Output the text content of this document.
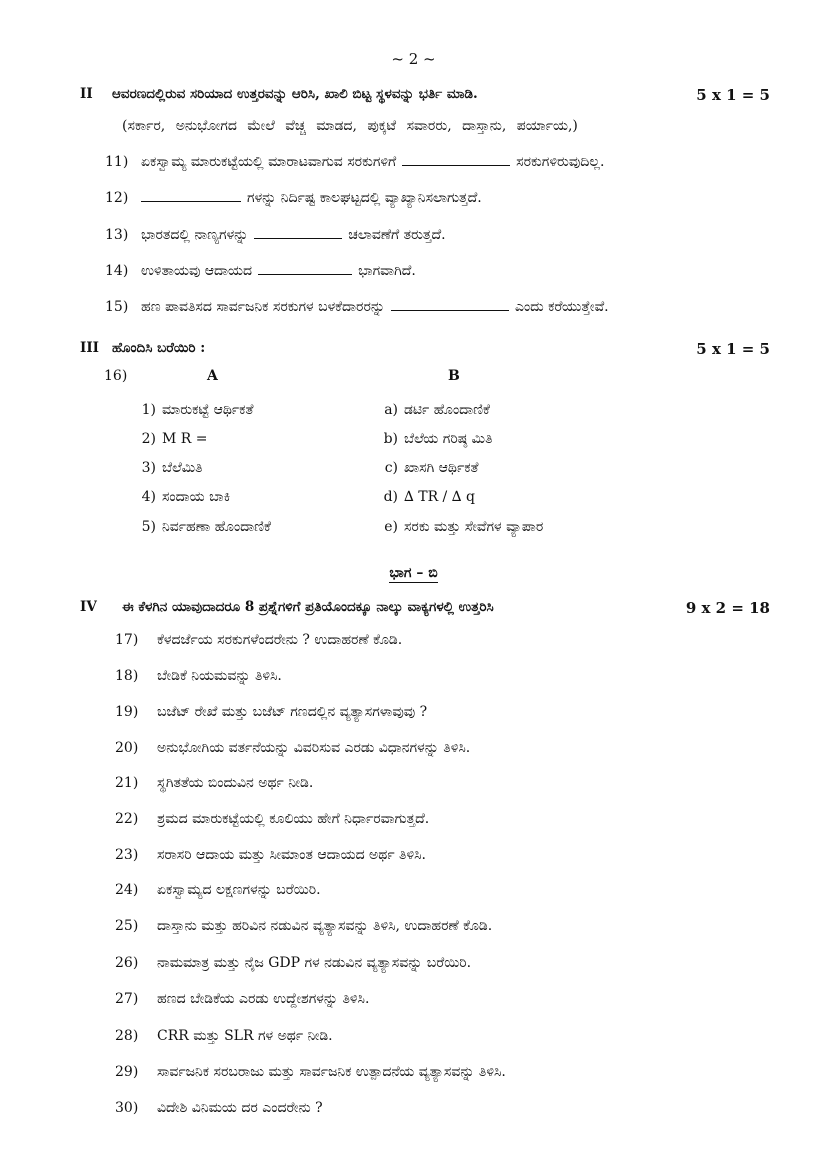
~ 2 ~
II ಆವರಣದಲ್ಲಿರುವ ಸರಿಯಾದ ಉತ್ತರವನ್ನು ಆರಿಸಿ, ಖಾಲಿ ಬಿಟ್ಟ ಸ್ಥಳವನ್ನು ಭರ್ತಿ ಮಾಡಿ.	5 x 1 = 5
(ಸರ್ಕಾರ, ಅನುಭೋಗದ ಮೇಲೆ ವೆಚ್ಚ ಮಾಡದ, ಪುಕ್ಕಟೆ ಸವಾರರು, ದಾಸ್ತಾನು, ಪರ್ಯಾಯ,)
11) ಏಕಸ್ವಾಮ್ಯ ಮಾರುಕಟ್ಟೆಯಲ್ಲಿ ಮಾರಾಟವಾಗುವ ಸರಕುಗಳಿಗೆ	ಸರಕುಗಳಿರುವುದಿಲ್ಲ.
12)	ಗಳನ್ನು ನಿರ್ದಿಷ್ಟ ಕಾಲಘಟ್ಟದಲ್ಲಿ ವ್ಯಾಖ್ಯಾನಿಸಲಾಗುತ್ತದೆ.
13) ಭಾರತದಲ್ಲಿ ನಾಣ್ಯಗಳನ್ನು	ಚಲಾವಣೆಗೆ ತರುತ್ತದೆ.
14) ಉಳಿತಾಯವು ಆದಾಯದ	ಭಾಗವಾಗಿದೆ.
15) ಹಣ ಪಾವತಿಸದ ಸಾರ್ವಜನಿಕ ಸರಕುಗಳ ಬಳಕೆದಾರರನ್ನು	ಎಂದು ಕರೆಯುತ್ತೇವೆ.
III ಹೊಂದಿಸಿ ಬರೆಯಿರಿ :	5 x 1 = 5
16)	A	B
1) ಮಾರುಕಟ್ಟೆ ಆರ್ಥಿಕತೆ	a) ಡರ್ಟಿ ಹೊಂದಾಣಿಕೆ
2) M R =	b) ಬೆಲೆಯ ಗರಿಷ್ಠ ಮಿತಿ
3) ಬೆಲೆಮಿತಿ	c) ಖಾಸಗಿ ಆರ್ಥಿಕತೆ
4) ಸಂದಾಯ ಬಾಕಿ	d) ∆ TR / ∆ q
5) ನಿರ್ವಹಣಾ ಹೊಂದಾಣಿಕೆ	e) ಸರಕು ಮತ್ತು ಸೇವೆಗಳ ವ್ಯಾಪಾರ
ಭಾಗ – ಬಿ
IV ಈ ಕೆಳಗಿನ ಯಾವುದಾದರೂ 8 ಪ್ರಶ್ನೆಗಳಿಗೆ ಪ್ರತಿಯೊಂದಕ್ಕೂ ನಾಲ್ಕು ವಾಕ್ಯಗಳಲ್ಲಿ ಉತ್ತರಿಸಿ	9 x 2 = 18
17) ಕೆಳದರ್ಜೆಯ ಸರಕುಗಳೆಂದರೇನು ? ಉದಾಹರಣೆ ಕೊಡಿ.
18) ಬೇಡಿಕೆ ನಿಯಮವನ್ನು ತಿಳಿಸಿ.
19) ಬಜೆಟ್ ರೇಖೆ ಮತ್ತು ಬಜೆಟ್ ಗಣದಲ್ಲಿನ ವ್ಯತ್ಯಾಸಗಳಾವುವು ?
20) ಅನುಭೋಗಿಯ ವರ್ತನೆಯನ್ನು ವಿವರಿಸುವ ಎರಡು ವಿಧಾನಗಳನ್ನು ತಿಳಿಸಿ.
21) ಸ್ಥಗಿತತೆಯ ಬಿಂದುವಿನ ಅರ್ಥ ನೀಡಿ.
22) ಶ್ರಮದ ಮಾರುಕಟ್ಟೆಯಲ್ಲಿ ಕೂಲಿಯು ಹೇಗೆ ನಿರ್ಧಾರವಾಗುತ್ತದೆ.
23) ಸರಾಸರಿ ಆದಾಯ ಮತ್ತು ಸೀಮಾಂತ ಆದಾಯದ ಅರ್ಥ ತಿಳಿಸಿ.
24) ಏಕಸ್ವಾಮ್ಯದ ಲಕ್ಷಣಗಳನ್ನು ಬರೆಯಿರಿ.
25) ದಾಸ್ತಾನು ಮತ್ತು ಹರಿವಿನ ನಡುವಿನ ವ್ಯತ್ಯಾಸವನ್ನು ತಿಳಿಸಿ, ಉದಾಹರಣೆ ಕೊಡಿ.
26) ನಾಮಮಾತ್ರ ಮತ್ತು ನೈಜ GDP ಗಳ ನಡುವಿನ ವ್ಯತ್ಯಾಸವನ್ನು ಬರೆಯಿರಿ.
27) ಹಣದ ಬೇಡಿಕೆಯ ಎರಡು ಉದ್ದೇಶಗಳನ್ನು ತಿಳಿಸಿ.
28) CRR ಮತ್ತು SLR ಗಳ ಅರ್ಥ ನೀಡಿ.
29) ಸಾರ್ವಜನಿಕ ಸರಬರಾಜು ಮತ್ತು ಸಾರ್ವಜನಿಕ ಉತ್ಪಾದನೆಯ ವ್ಯತ್ಯಾಸವನ್ನು ತಿಳಿಸಿ.
30) ವಿದೇಶಿ ವಿನಿಮಯ ದರ ಎಂದರೇನು ?
